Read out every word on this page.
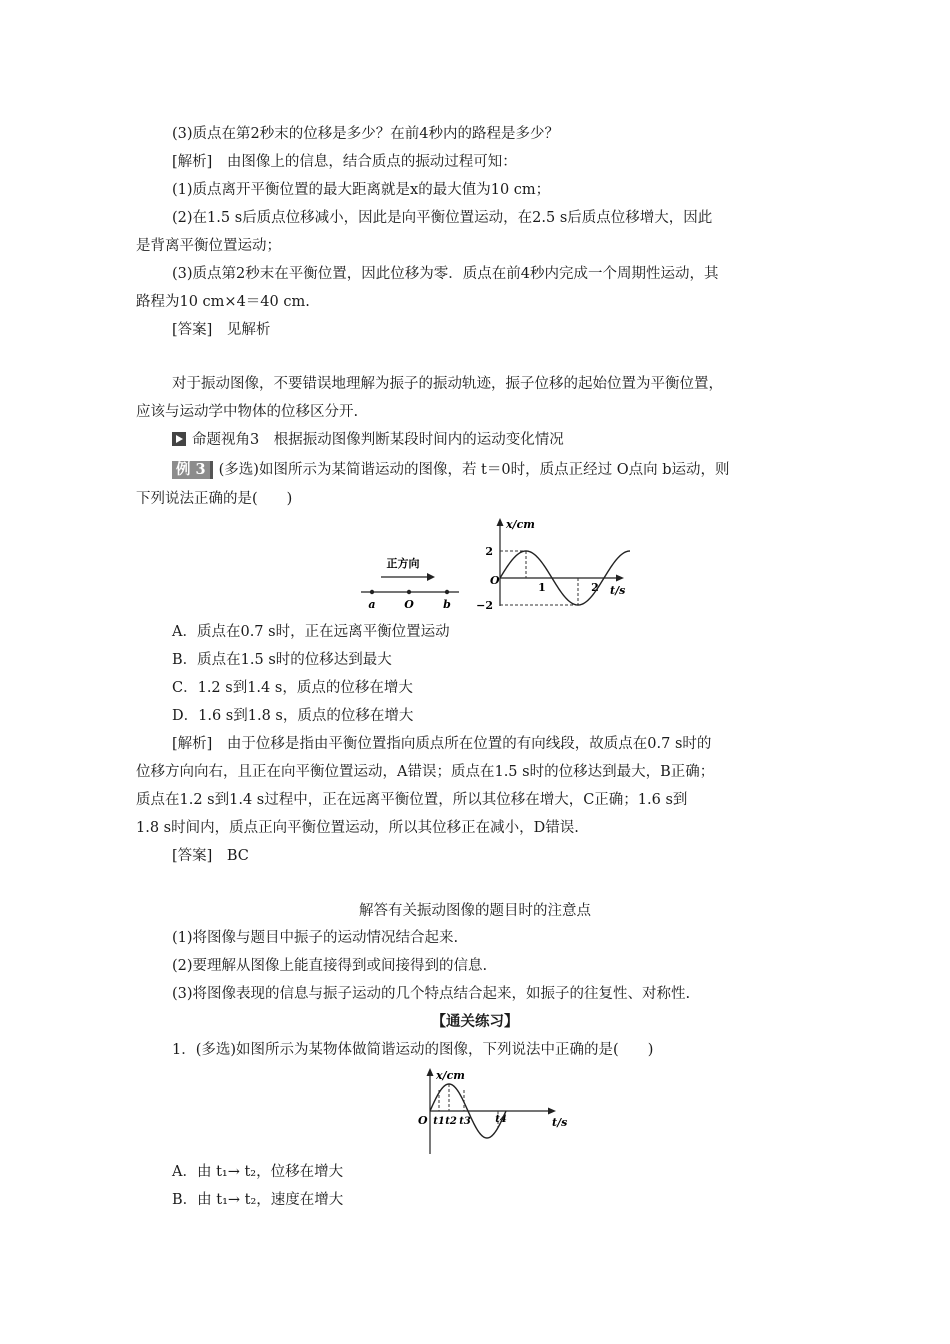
(3)质点在第2秒末的位移是多少？在前4秒内的路程是多少？
[解析]　由图像上的信息，结合质点的振动过程可知：
(1)质点离开平衡位置的最大距离就是x的最大值为10 cm；
(2)在1.5 s后质点位移减小，因此是向平衡位置运动，在2.5 s后质点位移增大，因此
是背离平衡位置运动；
(3)质点第2秒末在平衡位置，因此位移为零．质点在前4秒内完成一个周期性运动，其
路程为10 cm×4＝40 cm.
[答案]　见解析
对于振动图像，不要错误地理解为振子的振动轨迹，振子位移的起始位置为平衡位置，
应该与运动学中物体的位移区分开.
命题视角3　根据振动图像判断某段时间内的运动变化情况
例 3 (多选)如图所示为某简谐运动的图像，若 t＝0时，质点正经过 O点向 b运动，则
下列说法正确的是(　　)
正方向
a	O	b
x/cm
t/s
O
2
−2
1	2
A．质点在0.7 s时，正在远离平衡位置运动
B．质点在1.5 s时的位移达到最大
C．1.2 s到1.4 s，质点的位移在增大
D．1.6 s到1.8 s，质点的位移在增大
[解析]　由于位移是指由平衡位置指向质点所在位置的有向线段，故质点在0.7 s时的
位移方向向右，且正在向平衡位置运动，A错误；质点在1.5 s时的位移达到最大，B正确；
质点在1.2 s到1.4 s过程中，正在远离平衡位置，所以其位移在增大，C正确；1.6 s到
1.8 s时间内，质点正向平衡位置运动，所以其位移正在减小，D错误.
[答案]　BC
解答有关振动图像的题目时的注意点
(1)将图像与题目中振子的运动情况结合起来.
(2)要理解从图像上能直接得到或间接得到的信息.
(3)将图像表现的信息与振子运动的几个特点结合起来，如振子的往复性、对称性.
【通关练习】
1．(多选)如图所示为某物体做简谐运动的图像，下列说法中正确的是(　　)
x/cm
t/s
O t1 t2 t3 t4
A．由 t₁→ t₂，位移在增大
B．由 t₁→ t₂，速度在增大
